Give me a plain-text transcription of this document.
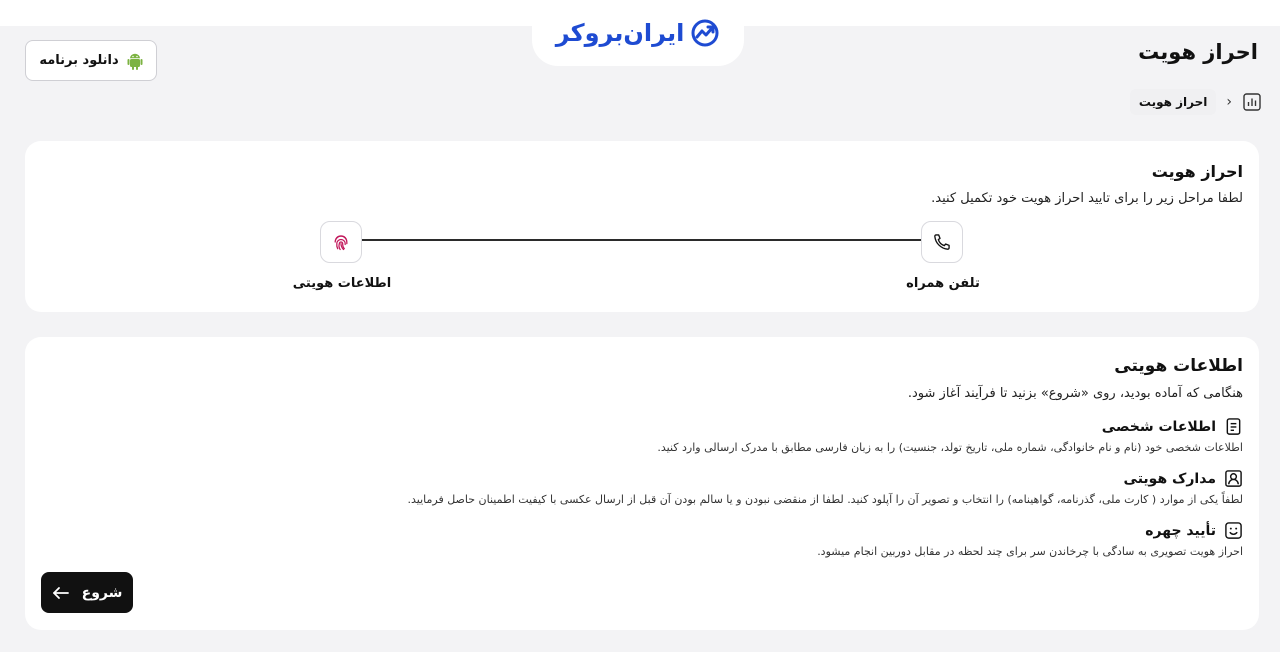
ایران‌بروکر
دانلود برنامه	احراز هویت
‹
احراز هویت
احراز هویت
لطفا مراحل زیر را برای تایید احراز هویت خود تکمیل کنید.
تلفن همراه
اطلاعات هویتی
اطلاعات هویتی
هنگامی که آماده بودید، روی «شروع» بزنید تا فرآیند آغاز شود.
اطلاعات شخصی
اطلاعات شخصی خود (نام و نام خانوادگی، شماره ملی، تاریخ تولد، جنسیت) را به زبان فارسی مطابق با مدرک ارسالی وارد کنید.
مدارک هویتی
لطفاً یکی از موارد ( کارت ملی، گذرنامه، گواهینامه) را انتخاب و تصویر آن را آپلود کنید. لطفا از منقضی نبودن و یا سالم بودن آن قبل از ارسال عکسی با کیفیت اطمینان حاصل فرمایید.
تأیید چهره
احراز هویت تصویری به سادگی با چرخاندن سر برای چند لحظه در مقابل دوربین انجام میشود.
شروع
